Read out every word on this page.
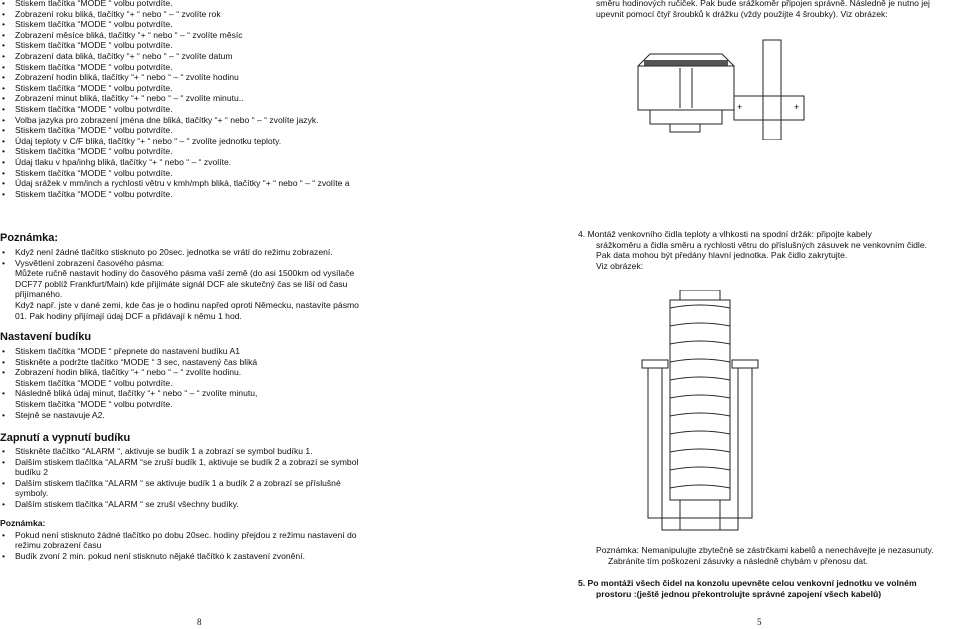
• Stiskem tlačítka “MODE “ volbu potvrdíte.
• Zobrazení roku bliká, tlačítky “+ “ nebo “ – “ zvolíte rok
• Stiskem tlačítka “MODE “ volbu potvrdíte.
• Zobrazení měsíce bliká, tlačítky “+ “ nebo “ – “ zvolíte měsíc
• Stiskem tlačítka “MODE “ volbu potvrdíte.
• Zobrazení data bliká, tlačítky “+ “ nebo “ – “ zvolíte datum
• Stiskem tlačítka “MODE “ volbu potvrdíte.
• Zobrazení hodin bliká, tlačítky “+ “ nebo “ – “ zvolíte hodinu
• Stiskem tlačítka “MODE “ volbu potvrdíte.
• Zobrazení minut bliká, tlačítky “+ “ nebo “ – “ zvolíte minutu..
• Stiskem tlačítka “MODE “ volbu potvrdíte.
• Volba jazyka pro zobrazení jména dne bliká, tlačítky “+ “ nebo “ – “ zvolíte jazyk.
• Stiskem tlačítka “MODE “ volbu potvrdíte.
• Údaj teploty v C/F bliká, tlačítky “+ “ nebo “ – “ zvolíte jednotku teploty.
• Stiskem tlačítka “MODE “ volbu potvrdíte.
• Údaj tlaku v hpa/inhg bliká, tlačítky “+ “ nebo “ – “ zvolíte.
• Stiskem tlačítka “MODE “ volbu potvrdíte.
• Údaj srážek v mm/inch a rychlosti větru v kmh/mph bliká, tlačítky “+ “ nebo “ – “ zvolíte a
• Stiskem tlačítka “MODE “ volbu potvrdíte.
Poznámka:
• Když není žádné tlačítko stisknuto po 20sec. jednotka se vrátí do režimu zobrazení.
• Vysvětlení zobrazení časového pásma:
Můžete ručně nastavit hodiny do časového pásma vaší země (do asi 1500km od vysílače
DCF77 poblíž Frankfurt/Main) kde přijímáte signál DCF ale skutečný čas se liší od času
přijímaného.
Když např. jste v dané zemi, kde čas je o hodinu napřed oproti Německu, nastavíte pásmo
01. Pak hodiny přijímají údaj DCF a přidávají k němu 1 hod.
Nastavení budíku
• Stiskem tlačítka “MODE “ přepnete do nastavení budíku A1
• Stiskněte a podržte tlačítko “MODE “ 3 sec, nastavený čas bliká
• Zobrazení hodin bliká, tlačítky “+ “ nebo “ – “ zvolíte hodinu.
Stiskem tlačítka “MODE “ volbu potvrdíte.
• Následně bliká údaj minut, tlačítky “+ “ nebo “ – “ zvolíte minutu,
Stiskem tlačítka “MODE “ volbu potvrdíte.
• Stejně se nastavuje A2.
Zapnutí a vypnutí budíku
• Stiskněte tlačítko “ALARM “, aktivuje se budík 1 a zobrazí se symbol budíku 1.
• Dalším stiskem tlačítka “ALARM “se zruší budík 1, aktivuje se budík 2 a zobrazí se symbol
budíku 2
• Dalším stiskem tlačítka “ALARM “ se aktivuje budík 1 a budík 2 a zobrazí se příslušné
symboly.
• Dalším stiskem tlačítka “ALARM “ se zruší všechny budíky.
Poznámka:
• Pokud není stisknuto žádné tlačítko po dobu 20sec. hodiny přejdou z režimu nastavení do
režimu zobrazení času
• Budík zvoní 2 min. pokud není stisknuto nějaké tlačítko k zastavení zvonění.
8
směru hodinových ručiček. Pak bude srážkoměr připojen správně. Následně je nutno jej
upevnit pomocí čtyř šroubků k drážku (vždy použijte 4 šroubky). Viz obrázek:
4. Montáž venkovního čidla teploty a vlhkosti na spodní držák: připojte kabely
srážkoměru a čidla směru a rychlosti větru do příslušných zásuvek ne venkovním čidle.
Pak data mohou být předány hlavní jednotka. Pak čidlo zakrytujte.
Viz obrázek:
Poznámka: Nemanipulujte zbytečně se zástrčkami kabelů a nenechávejte je nezasunuty.
Zabráníte tím poškození zásuvky a následně chybám v přenosu dat.
5. Po montáži všech čidel na konzolu upevněte celou venkovní jednotku ve volném
prostoru :(ještě jednou překontrolujte správné zapojení všech kabelů)
5
+	+
